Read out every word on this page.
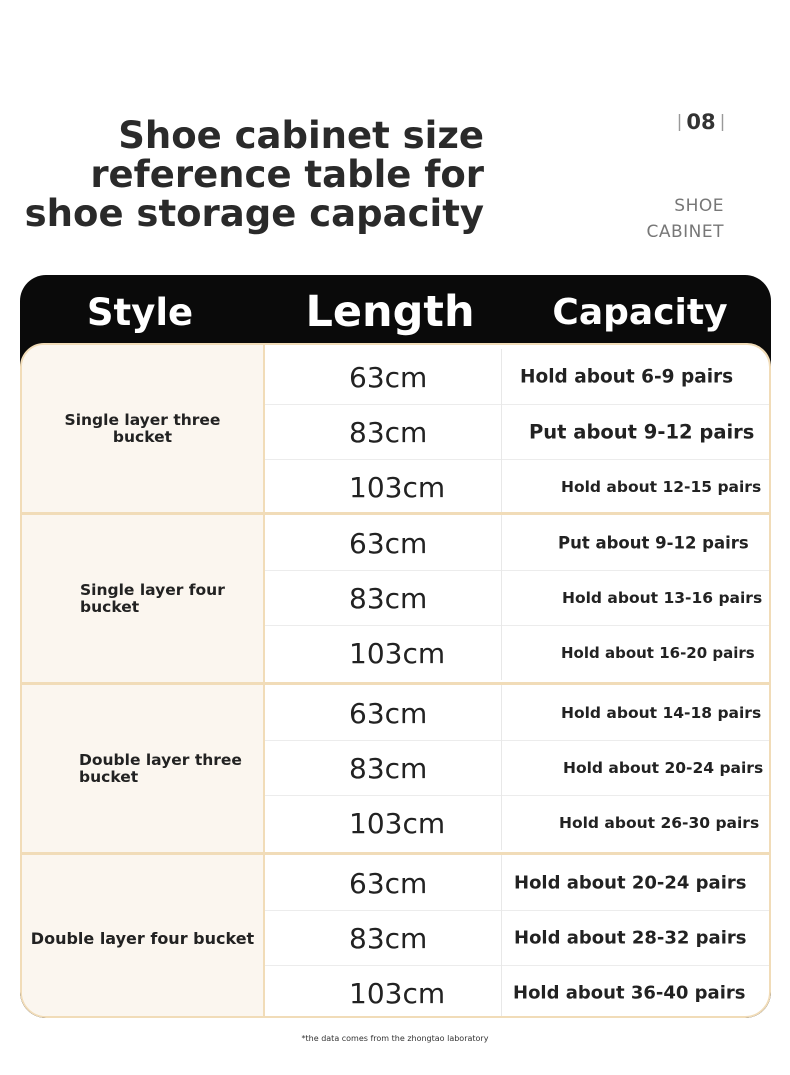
Shoe cabinet size
reference table for
shoe storage capacity
| 08 |
SHOE
CABINET
Style	Length	Capacity
Single layer three bucket
63cm	Hold about 6-9 pairs
83cm	Put about 9-12 pairs
103cm	Hold about 12-15 pairs
Single layer four bucket
63cm	Put about 9-12 pairs
83cm	Hold about 13-16 pairs
103cm	Hold about 16-20 pairs
Double layer three bucket
63cm	Hold about 14-18 pairs
83cm	Hold about 20-24 pairs
103cm	Hold about 26-30 pairs
Double layer four bucket
63cm	Hold about 20-24 pairs
83cm	Hold about 28-32 pairs
103cm	Hold about 36-40 pairs
*the data comes from the zhongtao laboratory
